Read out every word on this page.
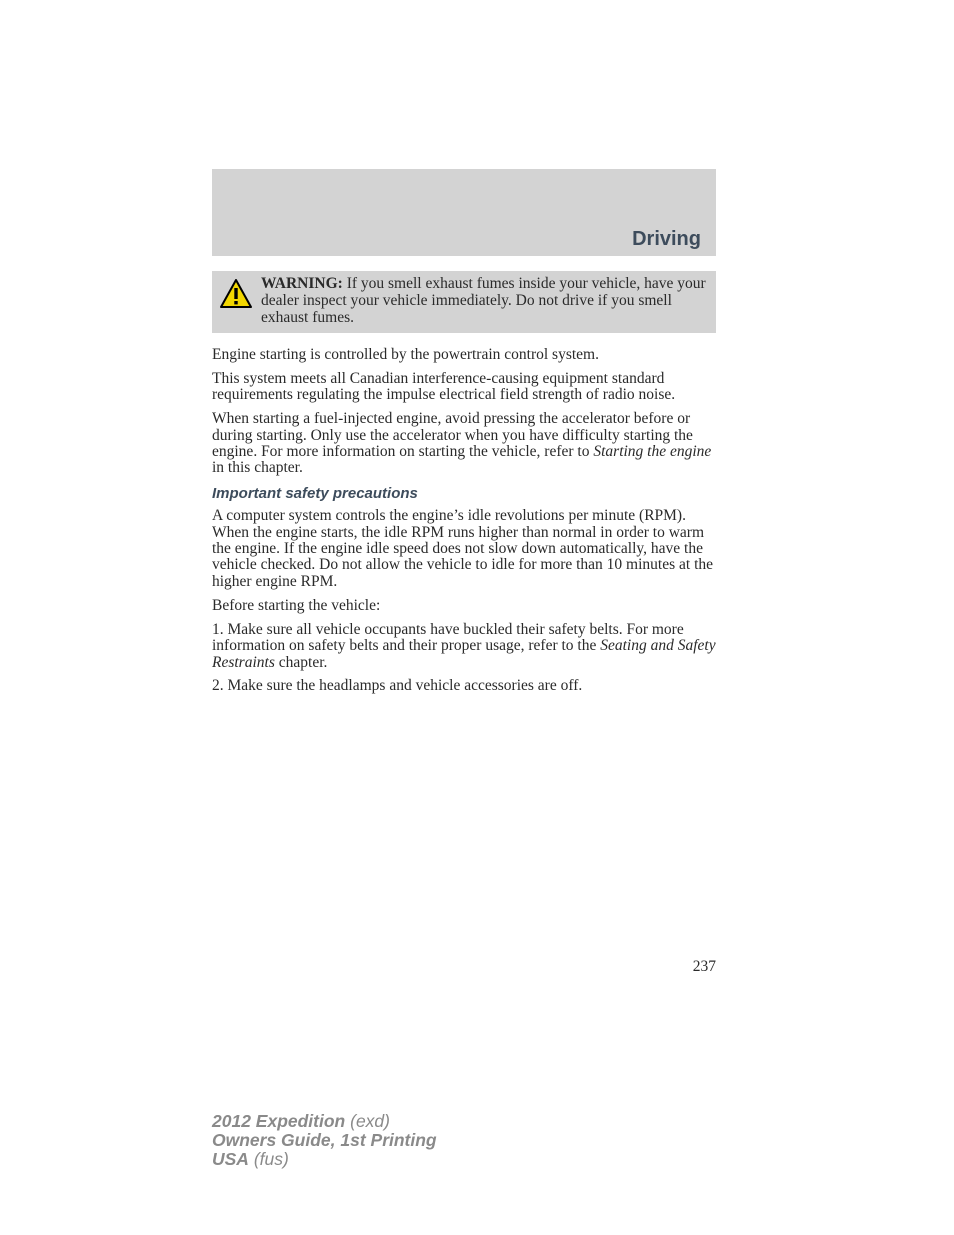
Driving
WARNING: If you smell exhaust fumes inside your vehicle, have your dealer inspect your vehicle immediately. Do not drive if you smell exhaust fumes.

Engine starting is controlled by the powertrain control system.

This system meets all Canadian interference-causing equipment standard requirements regulating the impulse electrical field strength of radio noise.

When starting a fuel-injected engine, avoid pressing the accelerator before or during starting. Only use the accelerator when you have difficulty starting the engine. For more information on starting the vehicle, refer to Starting the engine in this chapter.

Important safety precautions

A computer system controls the engine’s idle revolutions per minute (RPM). When the engine starts, the idle RPM runs higher than normal in order to warm the engine. If the engine idle speed does not slow down automatically, have the vehicle checked. Do not allow the vehicle to idle for more than 10 minutes at the higher engine RPM.

Before starting the vehicle:

1. Make sure all vehicle occupants have buckled their safety belts. For more information on safety belts and their proper usage, refer to the Seating and Safety Restraints chapter.

2. Make sure the headlamps and vehicle accessories are off.

237
2012 Expedition (exd)
Owners Guide, 1st Printing
USA (fus)
